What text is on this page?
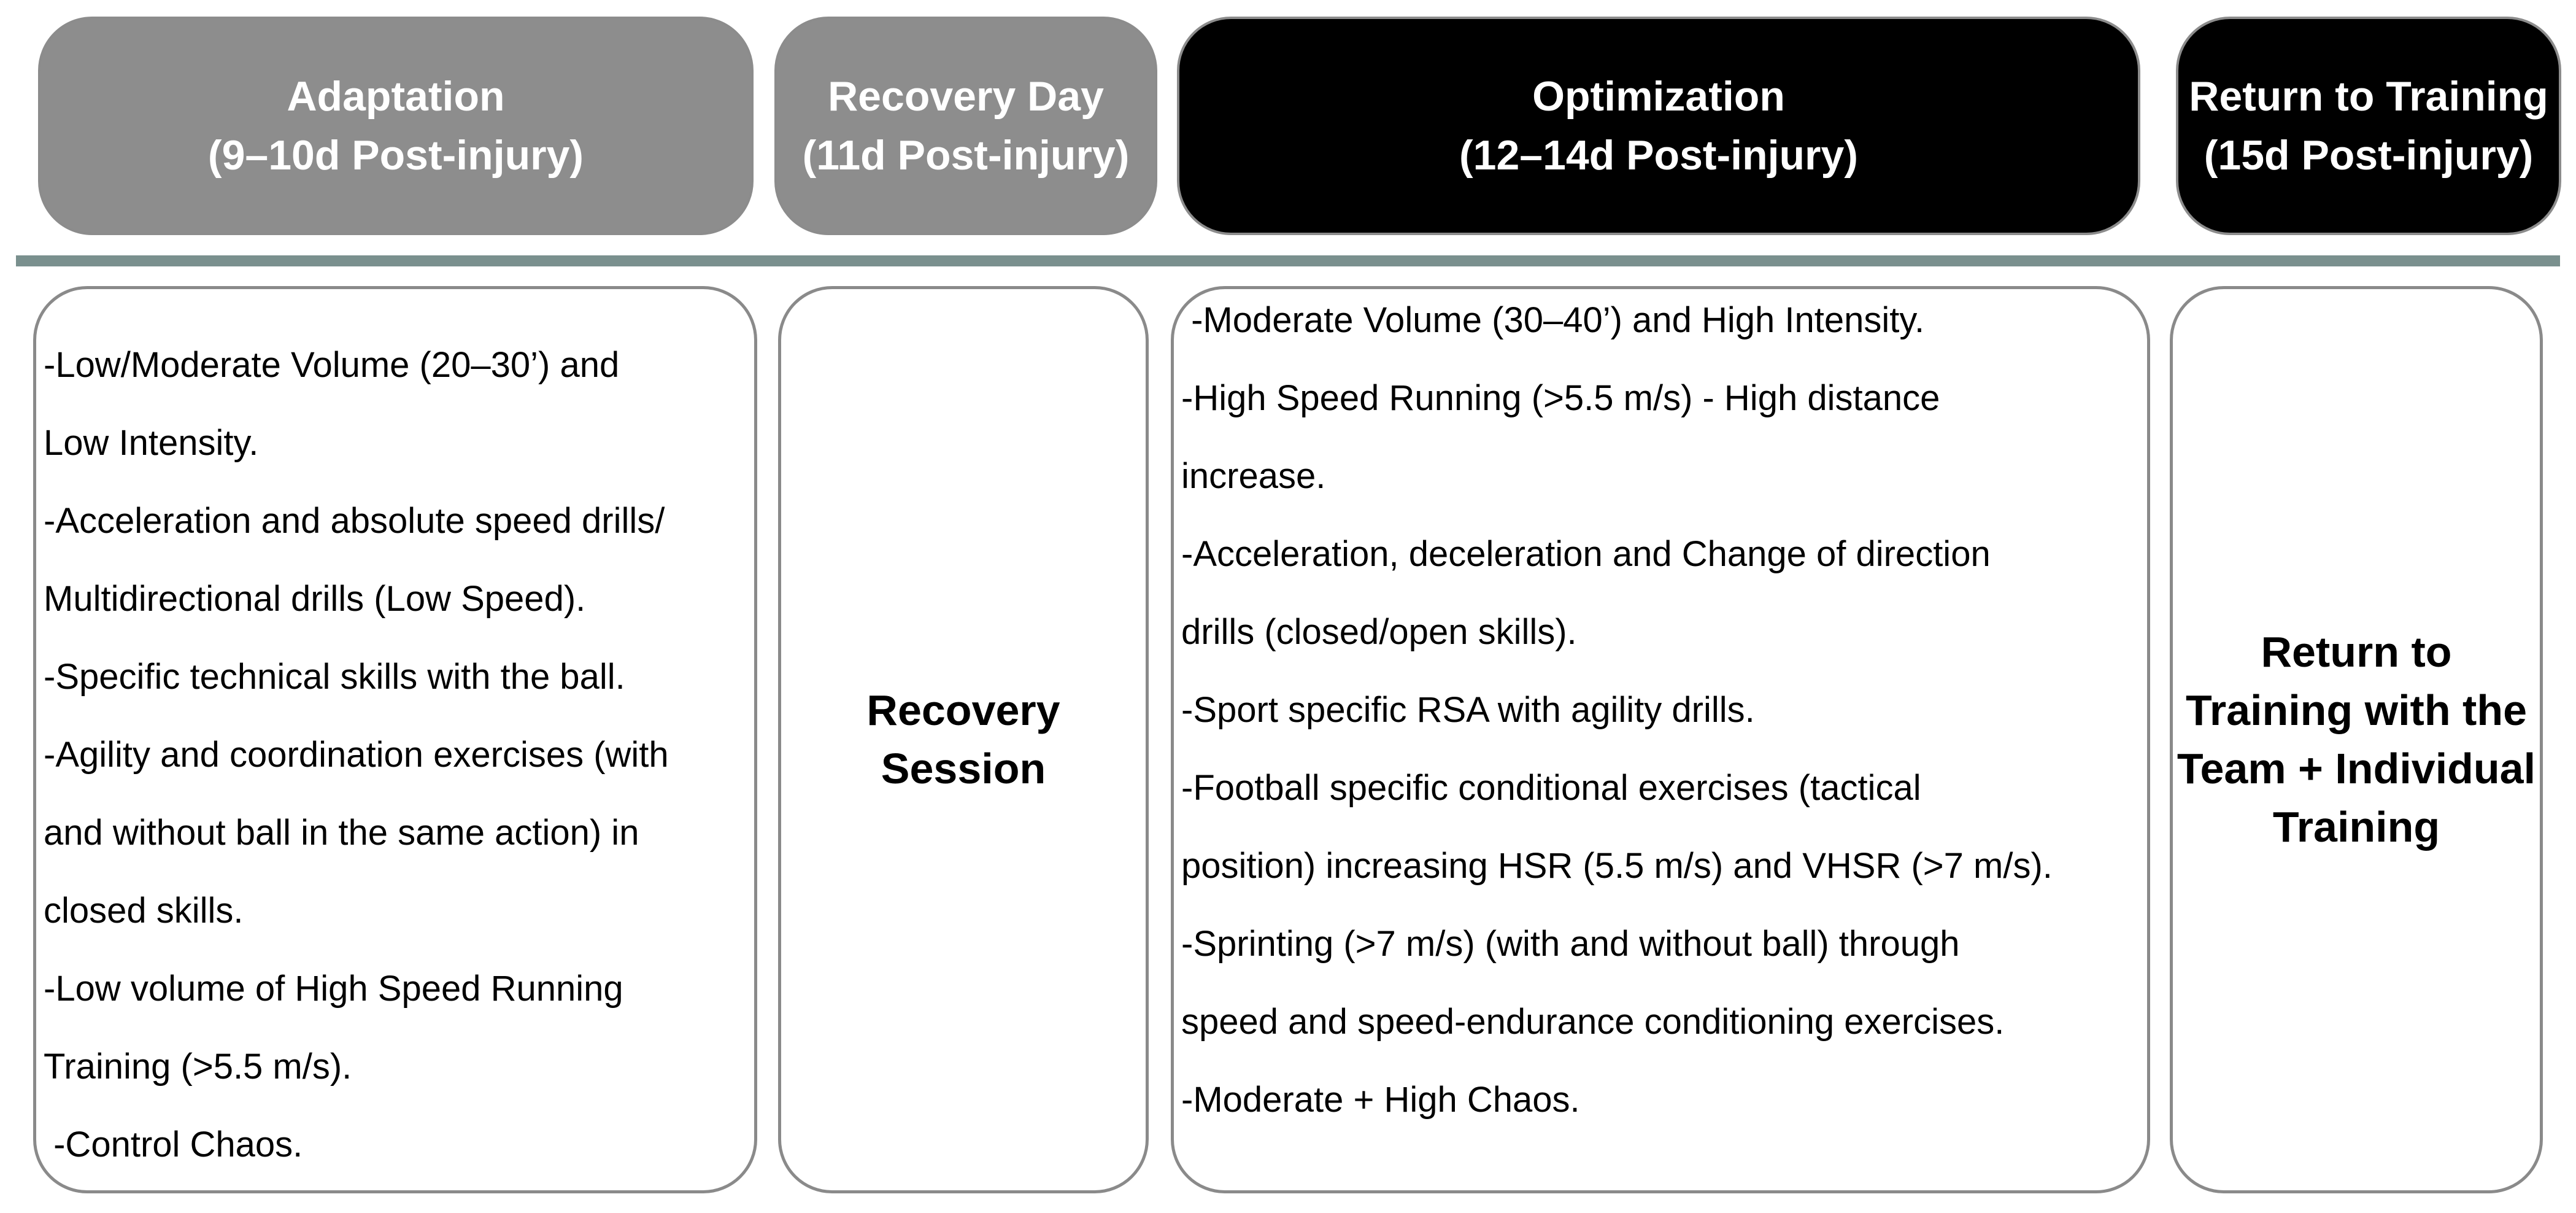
Adaptation
(9–10d Post-injury)
Recovery Day
(11d Post-injury)
Optimization
(12–14d Post-injury)
Return to Training
(15d Post-injury)
-Low/Moderate Volume (20–30’) and
Low Intensity.
-Acceleration and absolute speed drills/
Multidirectional drills (Low Speed).
-Specific technical skills with the ball.
-Agility and coordination exercises (with
and without ball in the same action) in
closed skills.
-Low volume of High Speed Running
Training (>5.5 m/s).
-Control Chaos.
Recovery
Session
-Moderate Volume (30–40’) and High Intensity.
-High Speed Running (>5.5 m/s) - High distance
increase.
-Acceleration, deceleration and Change of direction
drills (closed/open skills).
-Sport specific RSA with agility drills.
-Football specific conditional exercises (tactical
position) increasing HSR (5.5 m/s) and VHSR (>7 m/s).
-Sprinting (>7 m/s) (with and without ball) through
speed and speed-endurance conditioning exercises.
-Moderate + High Chaos.
Return to
Training with the
Team + Individual
Training
